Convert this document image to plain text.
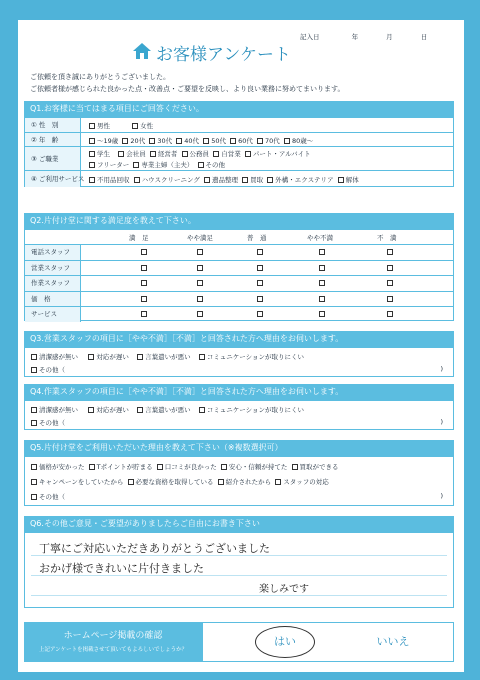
記入日	年	月	日
お客様アンケート
ご依頼を頂き誠にありがとうございました。
ご依頼者様が感じられた良かった点・改善点・ご要望を反映し、より良い業務に努めてまいります。
Q1.お客様に当てはまる項目にご回答ください。
① 性　別	男性	女性
② 年　齢	～19歳 20代 30代 40代 50代 60代 70代 80歳～
③ ご職業
学生	会社員 経営者 公務員 自営業 パート・アルバイト
フリーター 専業主婦（主夫） その他
④ ご利用サービス	不用品回収 ハウスクリーニング 遺品整理 買取 外構・エクステリア 解体
Q2.片付け堂に関する満足度を教えて下さい。
満　足	やや満足	普　通	やや不満	不　満
電話スタッフ
営業スタッフ
作業スタッフ
価　格
サービス
Q3.営業スタッフの項目に［やや不満］［不満］と回答された方へ理由をお伺いします。
清潔感が無い	対応が遅い	言葉遣いが悪い	コミュニケーションが取りにくい
その他（	)
Q4.作業スタッフの項目に［やや不満］［不満］と回答された方へ理由をお伺いします。
清潔感が無い	対応が遅い	言葉遣いが悪い	コミュニケーションが取りにくい
その他（	)
Q5.片付け堂をご利用いただいた理由を教えて下さい（※複数選択可）
価格が安かった Tポイントが貯まる 口コミが良かった 安心・信頼が持てた 買取ができる
キャンペーンをしていたから 必要な資格を取得している 紹介されたから スタッフの対応
その他（	)
Q6.その他ご意見・ご要望がありましたらご自由にお書き下さい
丁寧にご対応いただきありがとうございました
おかげ様できれいに片付きました
楽しみです
ホームページ掲載の確認
上記アンケートを掲載させて頂いてもよろしいでしょうか？
はい	いいえ
